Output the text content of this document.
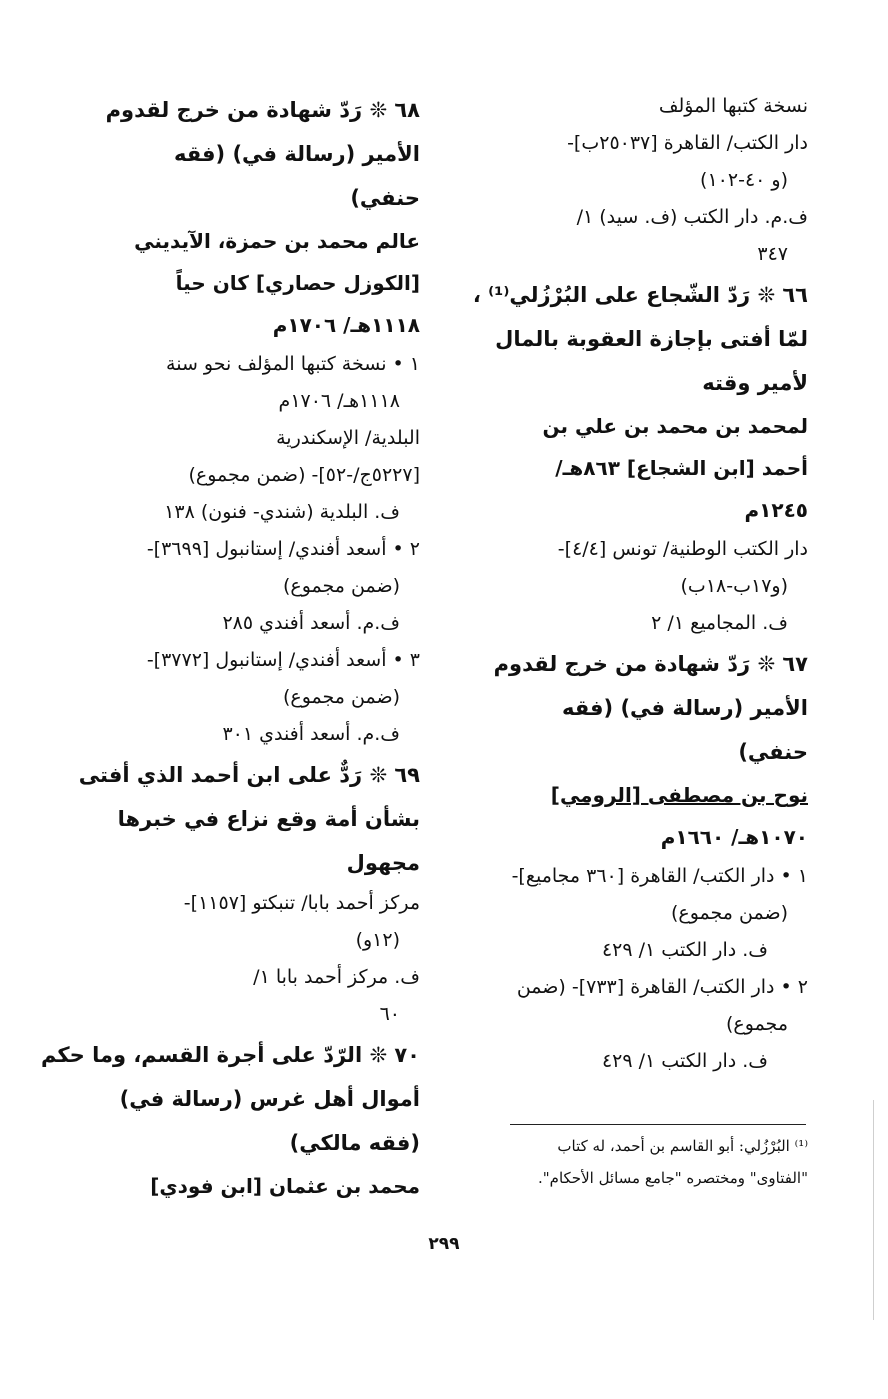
نسخة كتبها المؤلف
دار الكتب/ القاهرة [٢٥٠٣٧ب]-
(و ٤٠-١٠٢)
ف.م. دار الكتب (ف. سيد) ١/
٣٤٧
٦٦ ❊ رَدّ الشّجاع على البُرْزُلي⁽¹⁾ ،
لمّا أفتى بإجازة العقوبة بالمال
لأمير وقته
لمحمد بن محمد بن علي بن
أحمد [ابن الشجاع] ٨٦٣هـ/
١٢٤٥م
دار الكتب الوطنية/ تونس [٤/٤]-
(و١٧ب-١٨ب)
ف. المجاميع ١/ ٢
٦٧ ❊ رَدّ شهادة من خرج لقدوم
الأمير (رسالة في) (فقه
حنفي)
نوح بن مصطفى [الرومي]
١٠٧٠هـ/ ١٦٦٠م
١ • دار الكتب/ القاهرة [٣٦٠ مجاميع]-
(ضمن مجموع)
ف. دار الكتب ١/ ٤٢٩
٢ • دار الكتب/ القاهرة [٧٣٣]- (ضمن
مجموع)
ف. دار الكتب ١/ ٤٢٩
٦٨ ❊ رَدّ شهادة من خرج لقدوم
الأمير (رسالة في) (فقه
حنفي)
عالم محمد بن حمزة، الآيديني
[الكوزل حصاري] كان حياً
١١١٨هـ/ ١٧٠٦م
١ • نسخة كتبها المؤلف نحو سنة
١١١٨هـ/ ١٧٠٦م
البلدية/ الإسكندرية
[٥٢٢٧ج/-٥٢]- (ضمن مجموع)
ف. البلدية (شندي- فنون) ١٣٨
٢ • أسعد أفندي/ إستانبول [٣٦٩٩]-
(ضمن مجموع)
ف.م. أسعد أفندي ٢٨٥
٣ • أسعد أفندي/ إستانبول [٣٧٧٢]-
(ضمن مجموع)
ف.م. أسعد أفندي ٣٠١
٦٩ ❊ رَدٌّ على ابن أحمد الذي أفتى
بشأن أمة وقع نزاع في خبرها
مجهول
مركز أحمد بابا/ تنبكتو [١١٥٧]-
(١٢و)
ف. مركز أحمد بابا ١/
٦٠
٧٠ ❊ الرّدّ على أجرة القسم، وما حكم
أموال أهل غرس (رسالة في)
(فقه مالكي)
محمد بن عثمان [ابن فودي]
⁽¹⁾ البُرْزُلي: أبو القاسم بن أحمد، له كتاب
"الفتاوى" ومختصره "جامع مسائل الأحكام".
٢٩٩
